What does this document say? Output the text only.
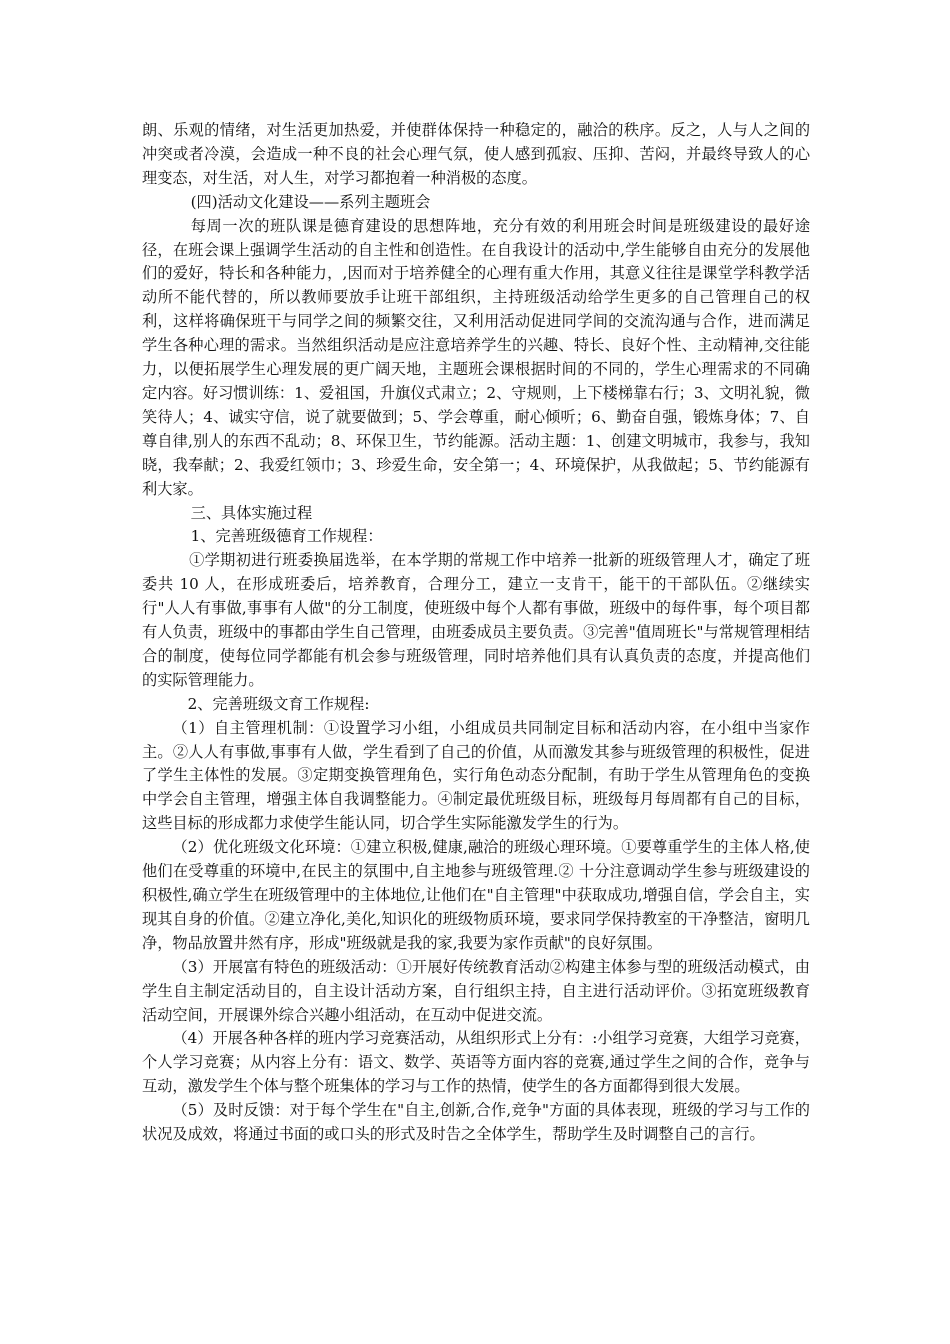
朗、乐观的情绪，对生活更加热爱，并使群体保持一种稳定的，融洽的秩序。反之，人与人之间的冲突或者冷漠，会造成一种不良的社会心理气氛，使人感到孤寂、压抑、苦闷，并最终导致人的心理变态，对生活，对人生，对学习都抱着一种消极的态度。

(四)活动文化建设——系列主题班会

每周一次的班队课是德育建设的思想阵地，充分有效的利用班会时间是班级建设的最好途径，在班会课上强调学生活动的自主性和创造性。在自我设计的活动中,学生能够自由充分的发展他们的爱好，特长和各种能力，,因而对于培养健全的心理有重大作用，其意义往往是课堂学科教学活动所不能代替的，所以教师要放手让班干部组织，主持班级活动给学生更多的自己管理自己的权利，这样将确保班干与同学之间的频繁交往，又利用活动促进同学间的交流沟通与合作，进而满足学生各种心理的需求。当然组织活动是应注意培养学生的兴趣、特长、良好个性、主动精神,交往能力，以便拓展学生心理发展的更广阔天地，主题班会课根据时间的不同的，学生心理需求的不同确定内容。好习惯训练：1、爱祖国，升旗仪式肃立；2、守规则，上下楼梯靠右行；3、文明礼貌，微笑待人；4、诚实守信，说了就要做到；5、学会尊重，耐心倾听；6、勤奋自强，锻炼身体；7、自尊自律,别人的东西不乱动；8、环保卫生，节约能源。活动主题：1、创建文明城市，我参与，我知晓，我奉献；2、我爱红领巾；3、珍爱生命，安全第一；4、环境保护，从我做起；5、节约能源有利大家。

三、具体实施过程

1、完善班级德育工作规程：

①学期初进行班委换届选举，在本学期的常规工作中培养一批新的班级管理人才，确定了班委共 10 人，在形成班委后，培养教育，合理分工，建立一支肯干，能干的干部队伍。②继续实行"人人有事做,事事有人做"的分工制度，使班级中每个人都有事做，班级中的每件事，每个项目都有人负责，班级中的事都由学生自己管理，由班委成员主要负责。③完善"值周班长"与常规管理相结合的制度，使每位同学都能有机会参与班级管理，同时培养他们具有认真负责的态度，并提高他们的实际管理能力。

2、完善班级文育工作规程:

（1）自主管理机制：①设置学习小组，小组成员共同制定目标和活动内容，在小组中当家作主。②人人有事做,事事有人做，学生看到了自己的价值，从而激发其参与班级管理的积极性，促进了学生主体性的发展。③定期变换管理角色，实行角色动态分配制，有助于学生从管理角色的变换中学会自主管理，增强主体自我调整能力。④制定最优班级目标，班级每月每周都有自己的目标，这些目标的形成都力求使学生能认同，切合学生实际能激发学生的行为。

（2）优化班级文化环境：①建立积极,健康,融洽的班级心理环境。①要尊重学生的主体人格,使他们在受尊重的环境中,在民主的氛围中,自主地参与班级管理.② 十分注意调动学生参与班级建设的积极性,确立学生在班级管理中的主体地位,让他们在"自主管理"中获取成功,增强自信，学会自主，实现其自身的价值。②建立净化,美化,知识化的班级物质环境，要求同学保持教室的干净整洁，窗明几净，物品放置井然有序，形成"班级就是我的家,我要为家作贡献"的良好氛围。

（3）开展富有特色的班级活动：①开展好传统教育活动②构建主体参与型的班级活动模式，由学生自主制定活动目的，自主设计活动方案，自行组织主持，自主进行活动评价。③拓宽班级教育活动空间，开展课外综合兴趣小组活动，在互动中促进交流。

（4）开展各种各样的班内学习竞赛活动，从组织形式上分有：:小组学习竞赛，大组学习竞赛，个人学习竞赛；从内容上分有：语文、数学、英语等方面内容的竞赛,通过学生之间的合作，竞争与互动，激发学生个体与整个班集体的学习与工作的热情，使学生的各方面都得到很大发展。

（5）及时反馈：对于每个学生在"自主,创新,合作,竞争"方面的具体表现，班级的学习与工作的状况及成效，将通过书面的或口头的形式及时告之全体学生，帮助学生及时调整自己的言行。
